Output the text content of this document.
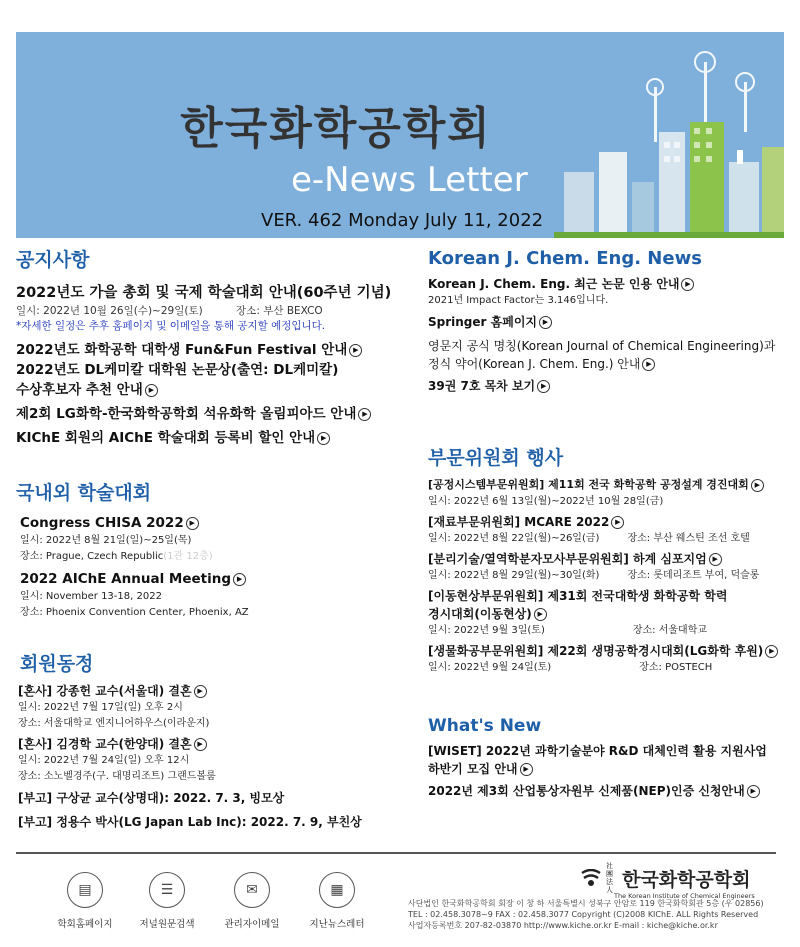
한국화학공학회
e-News Letter
VER. 462 Monday July 11, 2022
공지사항
2022년도 가을 총회 및 국제 학술대회 안내(60주년 기념)
일시: 2022년 10월 26일(수)~29일(토)	장소: 부산 BEXCO
*자세한 일정은 추후 홈페이지 및 이메일을 통해 공지할 예정입니다.
2022년도 화학공학 대학생 Fun&Fun Festival 안내 ▶
2022년도 DL케미칼 대학원 논문상(출연: DL케미칼)
수상후보자 추천 안내 ▶
제2회 LG화학-한국화학공학회 석유화학 올림피아드 안내 ▶
KIChE 회원의 AIChE 학술대회 등록비 할인 안내 ▶
국내외 학술대회
Congress CHISA 2022 ▶
일시: 2022년 8월 21일(일)~25일(목)
장소: Prague, Czech Republic(1관 12층)
2022 AIChE Annual Meeting ▶
일시: November 13-18, 2022
장소: Phoenix Convention Center, Phoenix, AZ
회원동정
[혼사] 강종헌 교수(서울대) 결혼 ▶
일시: 2022년 7월 17일(일) 오후 2시
장소: 서울대학교 엔지니어하우스(이라운지)
[혼사] 김경학 교수(한양대) 결혼 ▶
일시: 2022년 7월 24일(일) 오후 12시
장소: 소노벨경주(구. 대명리조트) 그랜드볼룸
[부고] 구상균 교수(상명대): 2022. 7. 3, 빙모상
[부고] 정용수 박사(LG Japan Lab Inc): 2022. 7. 9, 부친상
Korean J. Chem. Eng. News
Korean J. Chem. Eng. 최근 논문 인용 안내 ▶
2021년 Impact Factor는 3.146입니다.
Springer 홈페이지 ▶
영문지 공식 명칭(Korean Journal of Chemical Engineering)과
정식 약어(Korean J. Chem. Eng.) 안내 ▶
39권 7호 목차 보기 ▶
부문위원회 행사
[공정시스템부문위원회] 제11회 전국 화학공학 공정설계 경진대회 ▶
일시: 2022년 6월 13일(월)~2022년 10월 28일(금)
[재료부문위원회] MCARE 2022 ▶
일시: 2022년 8월 22일(월)~26일(금)	장소: 부산 웨스틴 조선 호텔
[분리기술/열역학분자모사부문위원회] 하계 심포지엄 ▶
일시: 2022년 8월 29일(월)~30일(화)	장소: 롯데리조트 부여, 덕슬롱
[이동현상부문위원회] 제31회 전국대학생 화학공학 학력
경시대회(이동현상) ▶
일시: 2022년 9월 3일(토)	장소: 서울대학교
[생물화공부문위원회] 제22회 생명공학경시대회(LG화학 후원) ▶
일시: 2022년 9월 24일(토)	장소: POSTECH
What's New
[WISET] 2022년 과학기술분야 R&D 대체인력 활용 지원사업
하반기 모집 안내 ▶
2022년 제3회 산업통상자원부 신제품(NEP)인증 신청안내 ▶
▤
학회홈페이지
☰
저널원문검색
✉
관리자이메일
▦
지난뉴스레터
社團法人 한국화학공학회
The Korean Institute of Chemical Engineers
사단법인 한국화학공학회 회장 이 창 하 서울특별시 성북구 안암로 119 한국화학회관 5층 (우 02856)
TEL : 02.458.3078~9 FAX : 02.458.3077 Copyright (C)2008 KIChE. ALL Rights Reserved
사업자등록번호 207-82-03870 http://www.kiche.or.kr E-mail : kiche@kiche.or.kr
